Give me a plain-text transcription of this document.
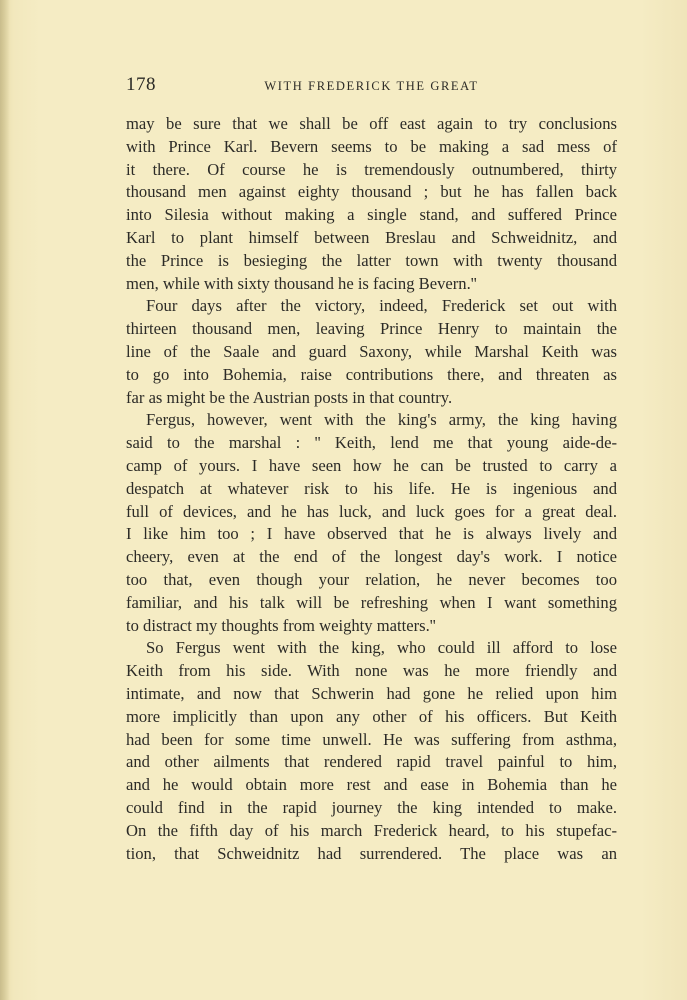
178	WITH FREDERICK THE GREAT
may be sure that we shall be off east again to try conclusions
with Prince Karl. Bevern seems to be making a sad mess of
it there. Of course he is tremendously outnumbered, thirty
thousand men against eighty thousand ; but he has fallen back
into Silesia without making a single stand, and suffered Prince
Karl to plant himself between Breslau and Schweidnitz, and
the Prince is besieging the latter town with twenty thousand
men, while with sixty thousand he is facing Bevern.''
Four days after the victory, indeed, Frederick set out with
thirteen thousand men, leaving Prince Henry to maintain the
line of the Saale and guard Saxony, while Marshal Keith was
to go into Bohemia, raise contributions there, and threaten as
far as might be the Austrian posts in that country.
Fergus, however, went with the king's army, the king having
said to the marshal : '' Keith, lend me that young aide-de-
camp of yours. I have seen how he can be trusted to carry a
despatch at whatever risk to his life. He is ingenious and
full of devices, and he has luck, and luck goes for a great deal.
I like him too ; I have observed that he is always lively and
cheery, even at the end of the longest day's work. I notice
too that, even though your relation, he never becomes too
familiar, and his talk will be refreshing when I want something
to distract my thoughts from weighty matters.''
So Fergus went with the king, who could ill afford to lose
Keith from his side. With none was he more friendly and
intimate, and now that Schwerin had gone he relied upon him
more implicitly than upon any other of his officers. But Keith
had been for some time unwell. He was suffering from asthma,
and other ailments that rendered rapid travel painful to him,
and he would obtain more rest and ease in Bohemia than he
could find in the rapid journey the king intended to make.
On the fifth day of his march Frederick heard, to his stupefac-
tion, that Schweidnitz had surrendered. The place was an
